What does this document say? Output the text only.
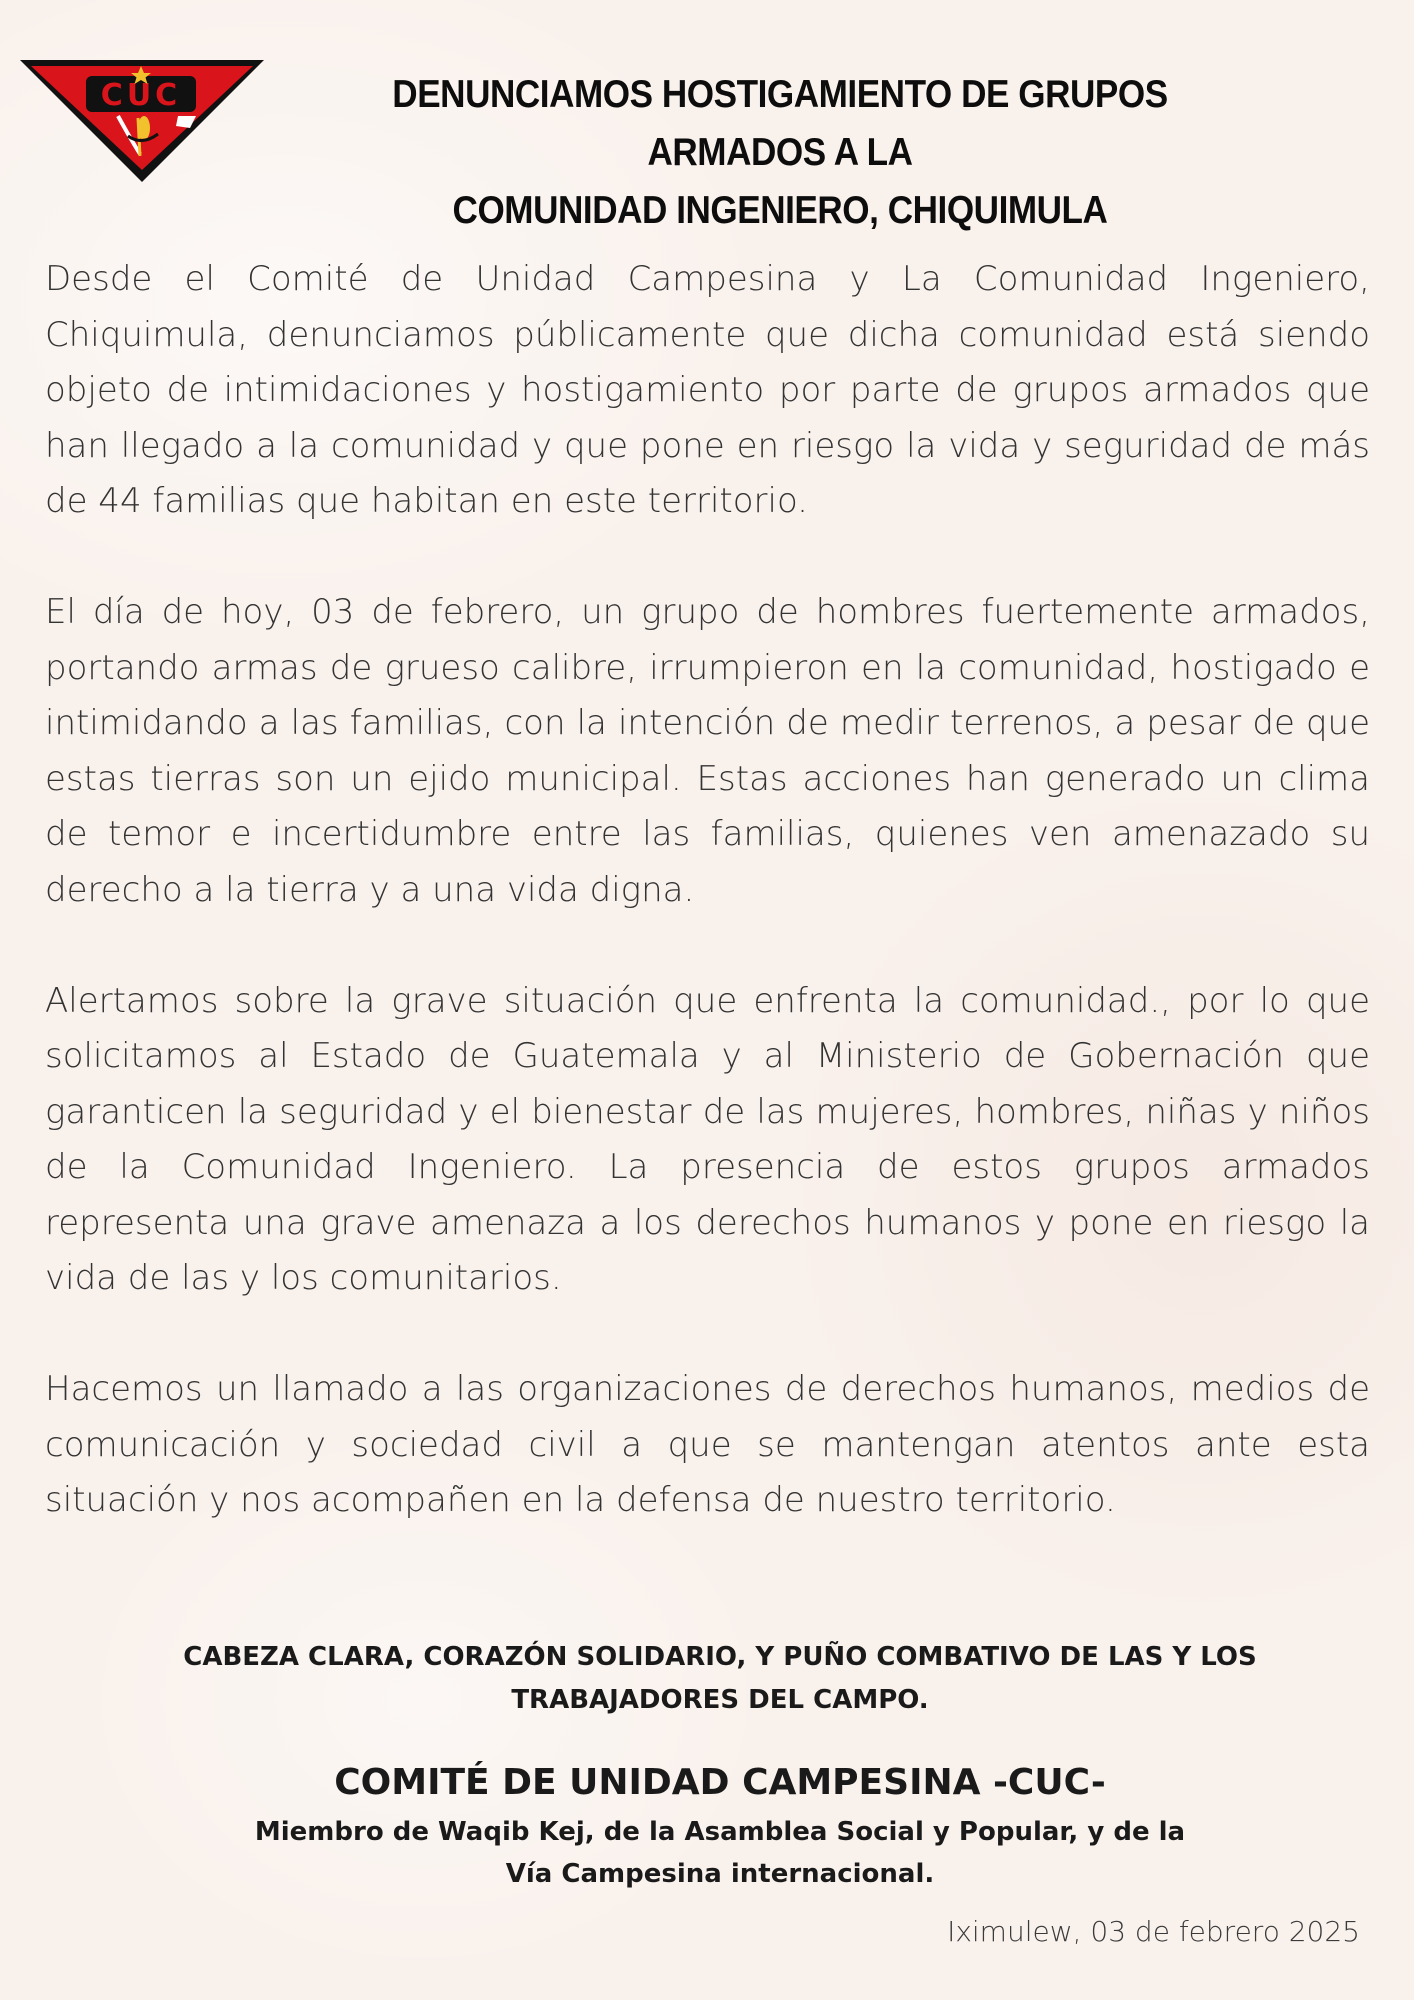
CUC	DENUNCIAMOS HOSTIGAMIENTO DE GRUPOS ARMADOS A LA
COMUNIDAD INGENIERO, CHIQUIMULA

Desde el Comité de Unidad Campesina y La Comunidad Ingeniero, Chiquimula, denunciamos públicamente que dicha comunidad está siendo objeto de intimidaciones y hostigamiento por parte de grupos armados que han llegado a la comunidad y que pone en riesgo la vida y seguridad de más de 44 familias que habitan en este territorio.

El día de hoy, 03 de febrero, un grupo de hombres fuertemente armados, portando armas de grueso calibre, irrumpieron en la comunidad, hostigado e intimidando a las familias, con la intención de medir terrenos, a pesar de que estas tierras son un ejido municipal. Estas acciones han generado un clima de temor e incertidumbre entre las familias, quienes ven amenazado su derecho a la tierra y a una vida digna.

Alertamos sobre la grave situación que enfrenta la comunidad., por lo que solicitamos al Estado de Guatemala y al Ministerio de Gobernación que garanticen la seguridad y el bienestar de las mujeres, hombres, niñas y niños de la Comunidad Ingeniero. La presencia de estos grupos armados representa una grave amenaza a los derechos humanos y pone en riesgo la vida de las y los comunitarios.

Hacemos un llamado a las organizaciones de derechos humanos, medios de comunicación y sociedad civil a que se mantengan atentos ante esta situación y nos acompañen en la defensa de nuestro territorio.

CABEZA CLARA, CORAZÓN SOLIDARIO, Y PUÑO COMBATIVO DE LAS Y LOS
TRABAJADORES DEL CAMPO.
COMITÉ DE UNIDAD CAMPESINA -CUC-
Miembro de Waqib Kej, de la Asamblea Social y Popular, y de la
Vía Campesina internacional.
Iximulew, 03 de febrero 2025
